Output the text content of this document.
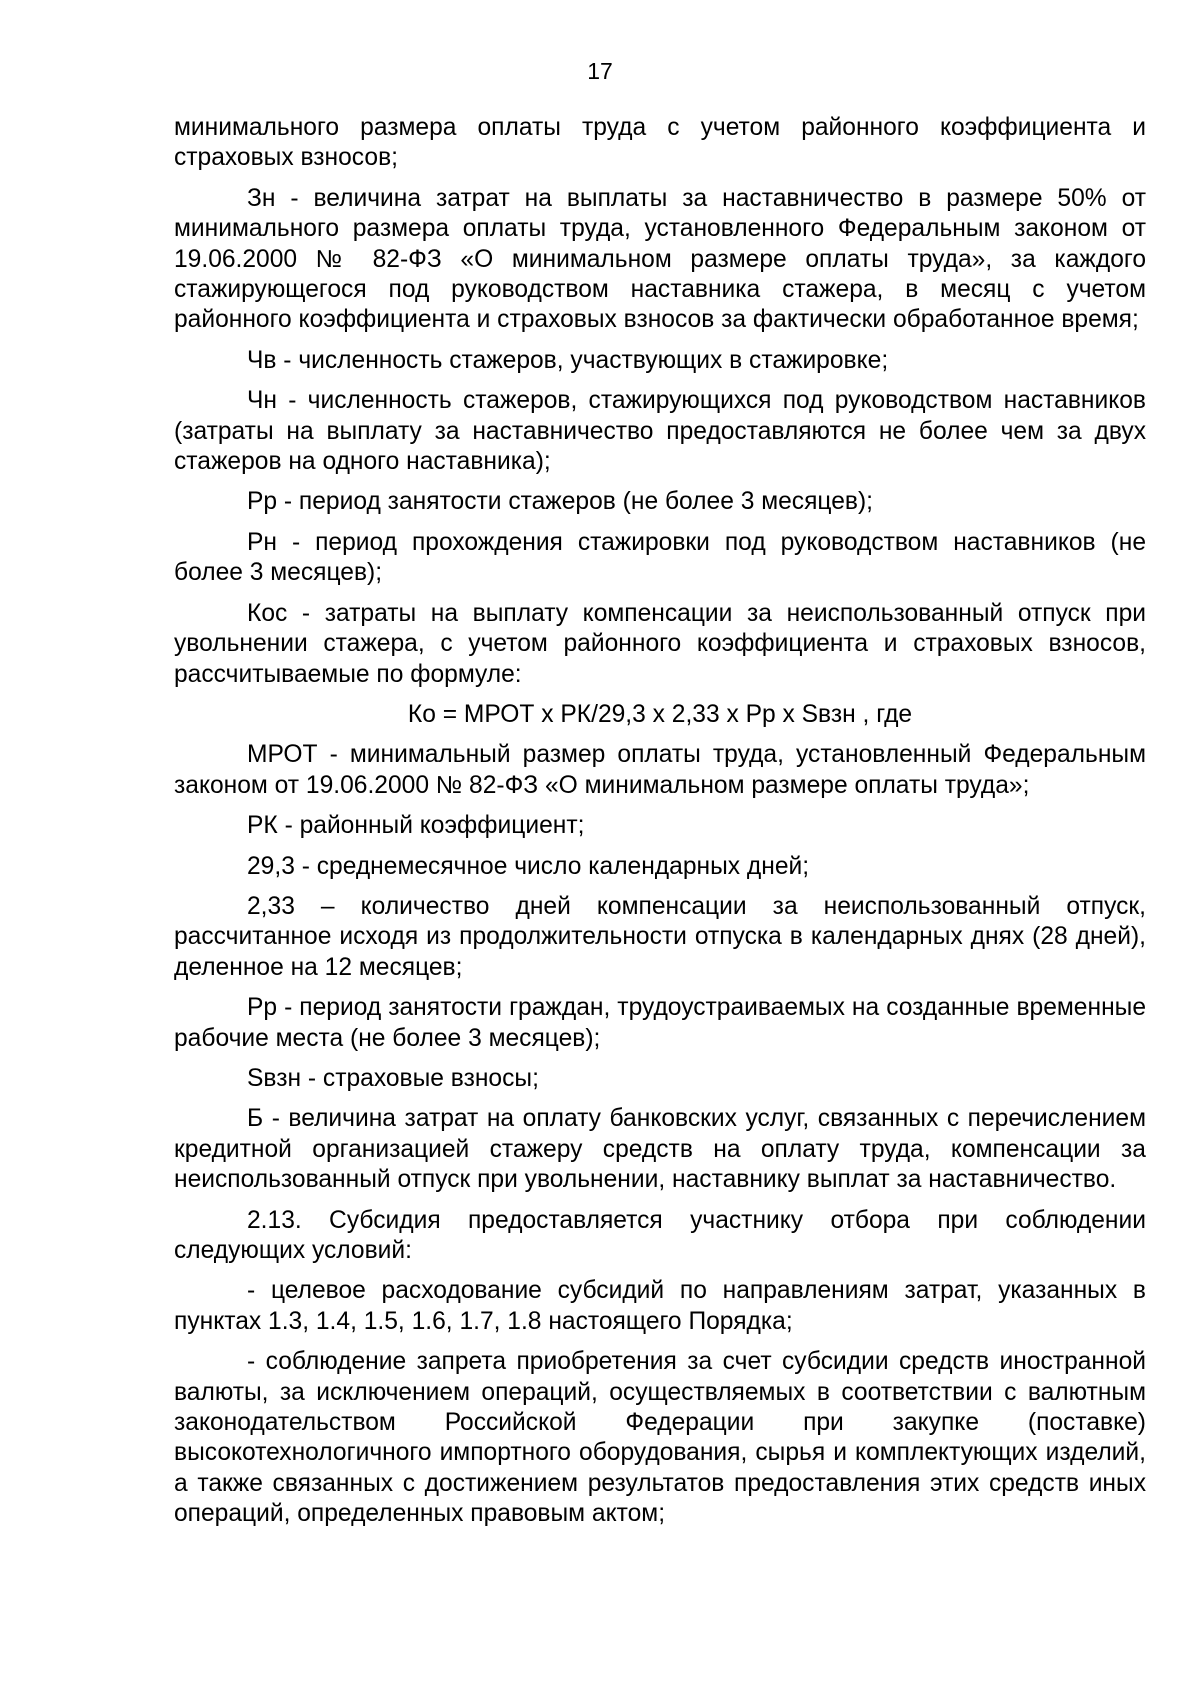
17

минимального размера оплаты труда с учетом районного коэффициента и страховых взносов;

Зн - величина затрат на выплаты за наставничество в размере 50% от минимального размера оплаты труда, установленного Федеральным законом от 19.06.2000 № 82-ФЗ «О минимальном размере оплаты труда», за каждого стажирующегося под руководством наставника стажера, в месяц с учетом районного коэффициента и страховых взносов за фактически обработанное время;

Чв - численность стажеров, участвующих в стажировке;

Чн - численность стажеров, стажирующихся под руководством наставников (затраты на выплату за наставничество предоставляются не более чем за двух стажеров на одного наставника);

Рр - период занятости стажеров (не более 3 месяцев);

Рн - период прохождения стажировки под руководством наставников (не более 3 месяцев);

Кос - затраты на выплату компенсации за неиспользованный отпуск при увольнении стажера, с учетом районного коэффициента и страховых взносов, рассчитываемые по формуле:

Ко = МРОТ х РК/29,3 х 2,33 х Рр х Ѕвзн , где

МРОТ - минимальный размер оплаты труда, установленный Федеральным законом от 19.06.2000 № 82-ФЗ «О минимальном размере оплаты труда»;

РК - районный коэффициент;

29,3 - среднемесячное число календарных дней;

2,33 – количество дней компенсации за неиспользованный отпуск, рассчитанное исходя из продолжительности отпуска в календарных днях (28 дней), деленное на 12 месяцев;

Рр - период занятости граждан, трудоустраиваемых на созданные временные рабочие места (не более 3 месяцев);

Ѕвзн - страховые взносы;

Б - величина затрат на оплату банковских услуг, связанных с перечислением кредитной организацией стажеру средств на оплату труда, компенсации за неиспользованный отпуск при увольнении, наставнику выплат за наставничество.

2.13. Субсидия предоставляется участнику отбора при соблюдении следующих условий:

- целевое расходование субсидий по направлениям затрат, указанных в пунктах 1.3, 1.4, 1.5, 1.6, 1.7, 1.8 настоящего Порядка;

- соблюдение запрета приобретения за счет субсидии средств иностранной валюты, за исключением операций, осуществляемых в соответствии с валютным законодательством Российской Федерации при закупке (поставке) высокотехнологичного импортного оборудования, сырья и комплектующих изделий, а также связанных с достижением результатов предоставления этих средств иных операций, определенных правовым актом;
